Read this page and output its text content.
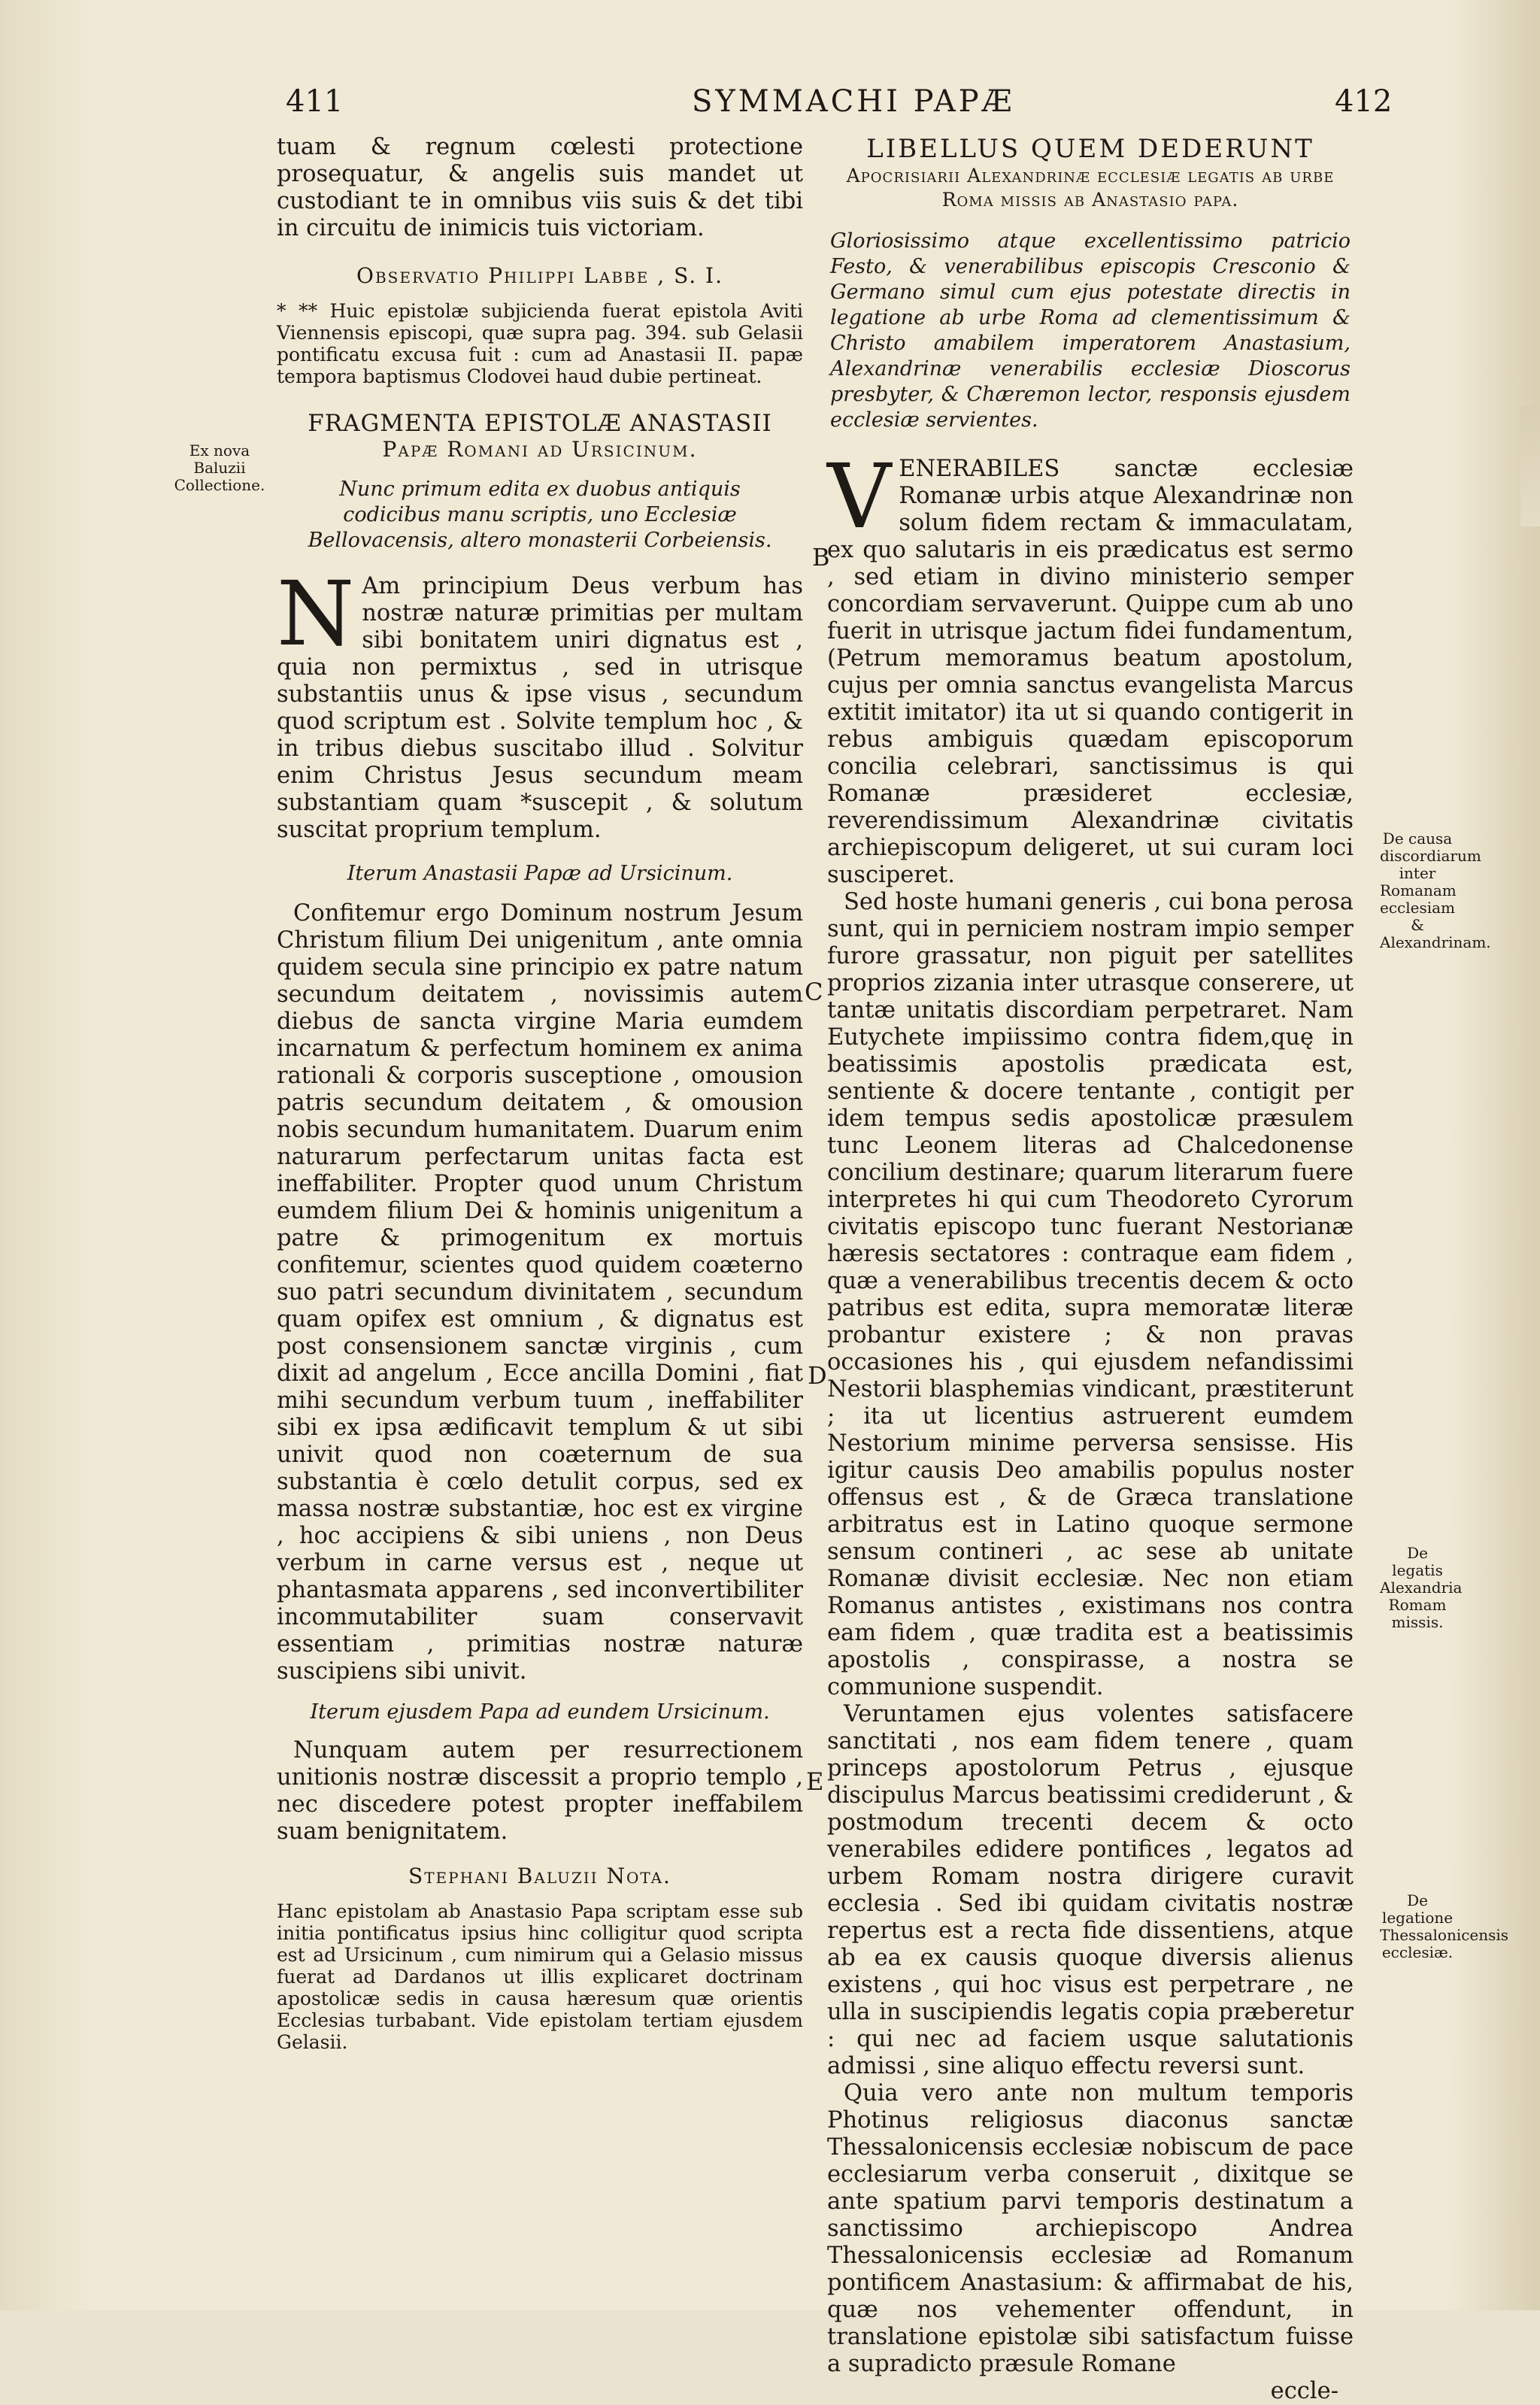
411	SYMMACHI PAPÆ	412

tuam & regnum cœlesti protectione prosequatur, & angelis suis mandet ut custodiant te in omnibus viis suis & det tibi in circuitu de inimicis tuis victoriam.

Observatio Philippi Labbe , S. I.

* ** Huic epistolæ subjicienda fuerat epistola Aviti Viennensis episcopi, quæ supra pag. 394. sub Gelasii pontificatu excusa fuit : cum ad Anastasii II. papæ tempora baptismus Clodovei haud dubie pertineat.

FRAGMENTA EPISTOLÆ ANASTASII

Papæ Romani ad Ursicinum.

Nunc primum edita ex duobus antiquis codicibus manu scriptis, uno Ecclesiæ Bellovacensis, altero monasterii Corbeiensis.

N Am principium Deus verbum has nostræ naturæ primitias per multam sibi bonitatem uniri dignatus est , quia non permixtus , sed in utrisque substantiis unus & ipse visus , secundum quod scriptum est . Solvite templum hoc , & in tribus diebus suscitabo illud . Solvitur enim Christus Jesus secundum meam substantiam quam *suscepit , & solutum suscitat proprium templum.

Iterum Anastasii Papæ ad Ursicinum.

Confitemur ergo Dominum nostrum Jesum Christum filium Dei unigenitum , ante omnia quidem secula sine principio ex patre natum secundum deitatem , novissimis autem diebus de sancta virgine Maria eumdem incarnatum & perfectum hominem ex anima rationali & corporis susceptione , omousion patris secundum deitatem , & omousion nobis secundum humanitatem. Duarum enim naturarum perfectarum unitas facta est ineffabiliter. Propter quod unum Christum eumdem filium Dei & hominis unigenitum a patre & primogenitum ex mortuis confitemur, scientes quod quidem coæterno suo patri secundum divinitatem , secundum quam opifex est omnium , & dignatus est post consensionem sanctæ virginis , cum dixit ad angelum , Ecce ancilla Domini , fiat mihi secundum verbum tuum , ineffabiliter sibi ex ipsa ædificavit templum & ut sibi univit quod non coæternum de sua substantia è cœlo detulit corpus, sed ex massa nostræ substantiæ, hoc est ex virgine , hoc accipiens & sibi uniens , non Deus verbum in carne versus est , neque ut phantasmata apparens , sed inconvertibiliter incommutabiliter suam conservavit essentiam , primitias nostræ naturæ suscipiens sibi univit.

Iterum ejusdem Papa ad eundem Ursicinum.

Nunquam autem per resurrectionem unitionis nostræ discessit a proprio templo , nec discedere potest propter ineffabilem suam benignitatem.

Stephani Baluzii Nota.

Hanc epistolam ab Anastasio Papa scriptam esse sub initia pontificatus ipsius hinc colligitur quod scripta est ad Ursicinum , cum nimirum qui a Gelasio missus fuerat ad Dardanos ut illis explicaret doctrinam apostolicæ sedis in causa hæresum quæ orientis Ecclesias turbabant. Vide epistolam tertiam ejusdem Gelasii.

LIBELLUS QUEM DEDERUNT

Apocrisiarii Alexandrinæ ecclesiæ legatis ab urbe Roma missis ab Anastasio papa.

Gloriosissimo atque excellentissimo patricio Festo, & venerabilibus episcopis Cresconio & Germano simul cum ejus potestate directis in legatione ab urbe Roma ad clementissimum & Christo amabilem imperatorem Anastasium, Alexandrinæ venerabilis ecclesiæ Dioscorus presbyter, & Chæremon lector, responsis ejusdem ecclesiæ servientes.

VENERABILES sanctæ ecclesiæ Romanæ urbis atque Alexandrinæ non solum fidem rectam & immaculatam, ex quo salutaris in eis prædicatus est sermo , sed etiam in divino ministerio semper concordiam servaverunt. Quippe cum ab uno fuerit in utrisque jactum fidei fundamentum, (Petrum memoramus beatum apostolum, cujus per omnia sanctus evangelista Marcus extitit imitator) ita ut si quando contigerit in rebus ambiguis quædam episcoporum concilia celebrari, sanctissimus is qui Romanæ præsideret ecclesiæ, reverendissimum Alexandrinæ civitatis archiepiscopum deligeret, ut sui curam loci susciperet.

Sed hoste humani generis , cui bona perosa sunt, qui in perniciem nostram impio semper furore grassatur, non piguit per satellites proprios zizania inter utrasque conserere, ut tantæ unitatis discordiam perpetraret. Nam Eutychete impiissimo contra fidem,quę in beatissimis apostolis prædicata est, sentiente & docere tentante , contigit per idem tempus sedis apostolicæ præsulem tunc Leonem literas ad Chalcedonense concilium destinare; quarum literarum fuere interpretes hi qui cum Theodoreto Cyrorum civitatis episcopo tunc fuerant Nestorianæ hæresis sectatores : contraque eam fidem , quæ a venerabilibus trecentis decem & octo patribus est edita, supra memoratæ literæ probantur existere ; & non pravas occasiones his , qui ejusdem nefandissimi Nestorii blasphemias vindicant, præstiterunt ; ita ut licentius astruerent eumdem Nestorium minime perversa sensisse. His igitur causis Deo amabilis populus noster offensus est , & de Græca translatione arbitratus est in Latino quoque sermone sensum contineri , ac sese ab unitate Romanæ divisit ecclesiæ. Nec non etiam Romanus antistes , existimans nos contra eam fidem , quæ tradita est a beatissimis apostolis , conspirasse, a nostra se communione suspendit.

Veruntamen ejus volentes satisfacere sanctitati , nos eam fidem tenere , quam princeps apostolorum Petrus , ejusque discipulus Marcus beatissimi crediderunt , & postmodum trecenti decem & octo venerabiles edidere pontifices , legatos ad urbem Romam nostra dirigere curavit ecclesia . Sed ibi quidam civitatis nostræ repertus est a recta fide dissentiens, atque ab ea ex causis quoque diversis alienus existens , qui hoc visus est perpetrare , ne ulla in suscipiendis legatis copia præberetur : qui nec ad faciem usque salutationis admissi , sine aliquo effectu reversi sunt.

Quia vero ante non multum temporis Photinus religiosus diaconus sanctæ Thessalonicensis ecclesiæ nobiscum de pace ecclesiarum verba conseruit , dixitque se ante spatium parvi temporis destinatum a sanctissimo archiepiscopo Andrea Thessalonicensis ecclesiæ ad Romanum pontificem Anastasium: & affirmabat de his, quæ nos vehementer offendunt, in translatione epistolæ sibi satisfactum fuisse a supradicto præsule Romane

eccle-

Ex nova Baluzii Collectione.
B
C
D
E
De causa discordiarum inter Romanam ecclesiam & Alexandrinam.
De legatis Alexandria Romam missis.
De legatione Thessalonicensis ecclesiæ.
